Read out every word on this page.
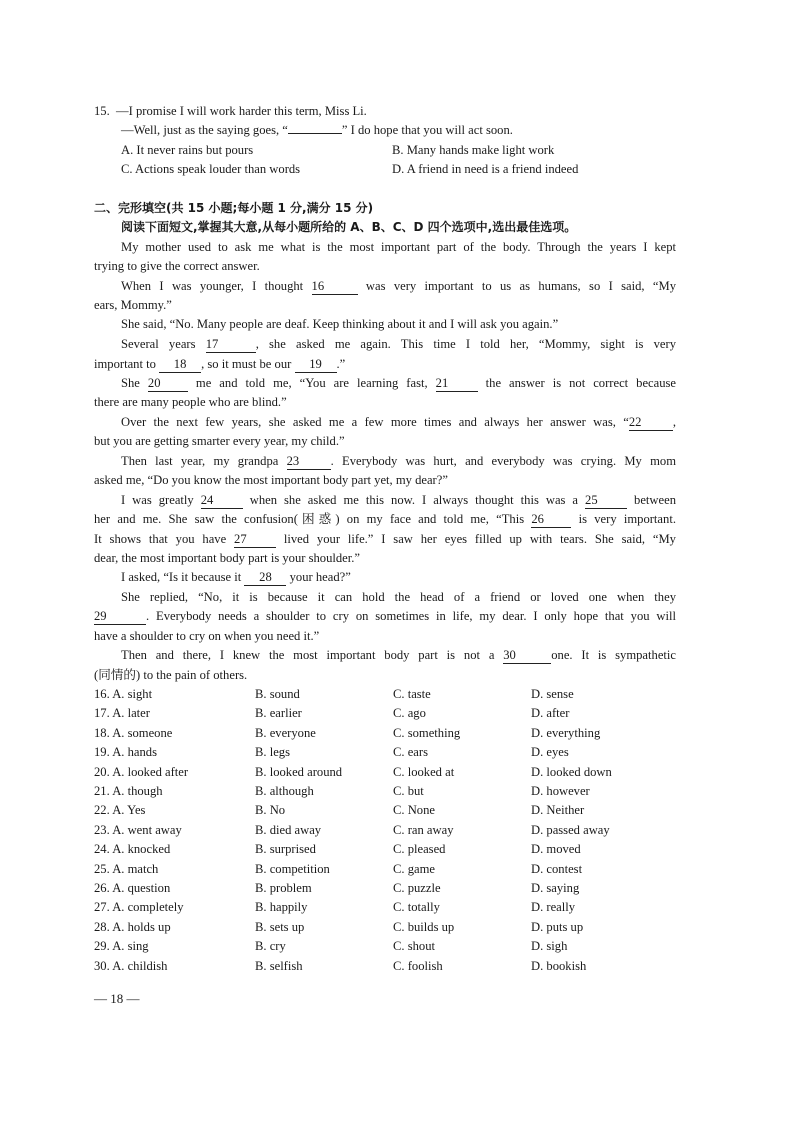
15. —I promise I will work harder this term, Miss Li.
—Well, just as the saying goes, “	” I do hope that you will act soon.
A. It never rains but pours	B. Many hands make light work
C. Actions speak louder than words	D. A friend in need is a friend indeed
二、完形填空(共 15 小题;每小题 1 分,满分 15 分)
阅读下面短文,掌握其大意,从每小题所给的 A、B、C、D 四个选项中,选出最佳选项。
My mother used to ask me what is the most important part of the body. Through the years I kept
trying to give the correct answer.
When I was younger, I thought 16	was very important to us as humans, so I said, “My
ears, Mommy.”
She said, “No. Many people are deaf. Keep thinking about it and I will ask you again.”
Several years 17	, she asked me again. This time I told her, “Mommy, sight is very
important to 18 , so it must be our 19 .”
She 20	me and told me, “You are learning fast, 21	the answer is not correct because
there are many people who are blind.”
Over the next few years, she asked me a few more times and always her answer was, “22 ,
but you are getting smarter every year, my child.”
Then last year, my grandpa 23 . Everybody was hurt, and everybody was crying. My mom
asked me, “Do you know the most important body part yet, my dear?”
I was greatly 24	when she asked me this now. I always thought this was a 25	between
her and me. She saw the confusion(困惑) on my face and told me, “This 26	is very important.
It shows that you have 27	lived your life.” I saw her eyes filled up with tears. She said, “My
dear, the most important body part is your shoulder.”
I asked, “Is it because it 28 your head?”
She replied, “No, it is because it can hold the head of a friend or loved one when they
29	. Everybody needs a shoulder to cry on sometimes in life, my dear. I only hope that you will
have a shoulder to cry on when you need it.”
Then and there, I knew the most important body part is not a 30	one. It is sympathetic
(同情的) to the pain of others.
16. A. sight	B. sound	C. taste	D. sense
17. A. later	B. earlier	C. ago	D. after
18. A. someone	B. everyone	C. something	D. everything
19. A. hands	B. legs	C. ears	D. eyes
20. A. looked after	B. looked around	C. looked at	D. looked down
21. A. though	B. although	C. but	D. however
22. A. Yes	B. No	C. None	D. Neither
23. A. went away	B. died away	C. ran away	D. passed away
24. A. knocked	B. surprised	C. pleased	D. moved
25. A. match	B. competition	C. game	D. contest
26. A. question	B. problem	C. puzzle	D. saying
27. A. completely	B. happily	C. totally	D. really
28. A. holds up	B. sets up	C. builds up	D. puts up
29. A. sing	B. cry	C. shout	D. sigh
30. A. childish	B. selfish	C. foolish	D. bookish
— 18 —
